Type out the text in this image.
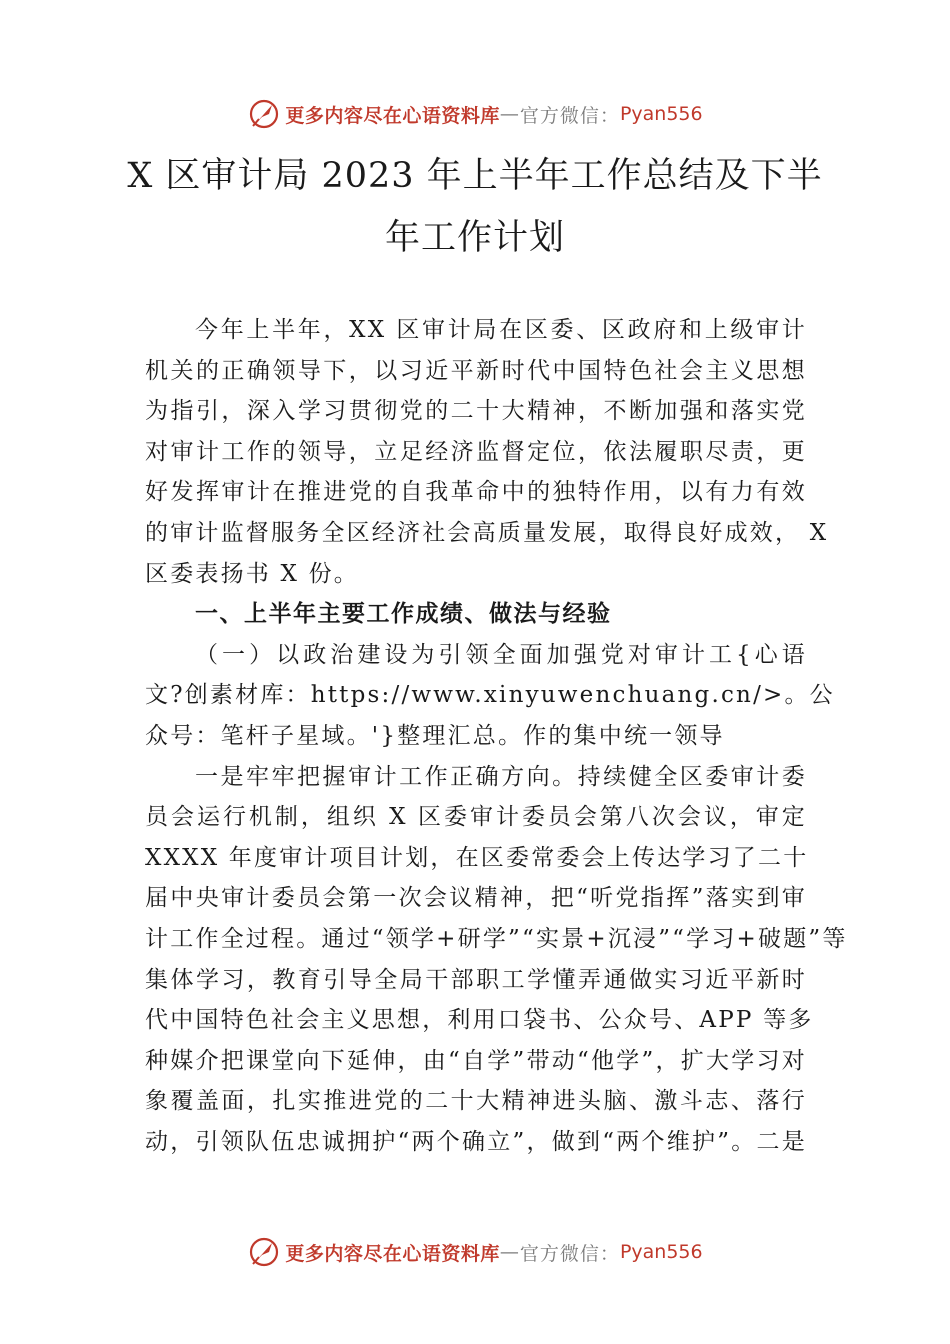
更多内容尽在心语资料库 — 官方微信： Pyan556
X 区审计局 2023 年上半年工作总结及下半
年工作计划
今年上半年，XX 区审计局在区委、区政府和上级审计
机关的正确领导下，以习近平新时代中国特色社会主义思想
为指引，深入学习贯彻党的二十大精神，不断加强和落实党
对审计工作的领导，立足经济监督定位，依法履职尽责，更
好发挥审计在推进党的自我革命中的独特作用，以有力有效
的审计监督服务全区经济社会高质量发展，取得良好成效， X
区委表扬书 X 份。
一、上半年主要工作成绩、做法与经验
（一）以政治建设为引领全面加强党对审计工{心语
文?创素材库：https://www.xinyuwenchuang.cn/>。公
众号：笔杆子星域。'}整理汇总。作的集中统一领导
一是牢牢把握审计工作正确方向。持续健全区委审计委
员会运行机制，组织 X 区委审计委员会第八次会议，审定
XXXX 年度审计项目计划，在区委常委会上传达学习了二十
届中央审计委员会第一次会议精神，把“听党指挥”落实到审
计工作全过程。通过“领学+研学”“实景+沉浸”“学习+破题”等
集体学习，教育引导全局干部职工学懂弄通做实习近平新时
代中国特色社会主义思想，利用口袋书、公众号、APP 等多
种媒介把课堂向下延伸，由“自学”带动“他学”，扩大学习对
象覆盖面，扎实推进党的二十大精神进头脑、激斗志、落行
动，引领队伍忠诚拥护“两个确立”，做到“两个维护”。二是
更多内容尽在心语资料库 — 官方微信： Pyan556
